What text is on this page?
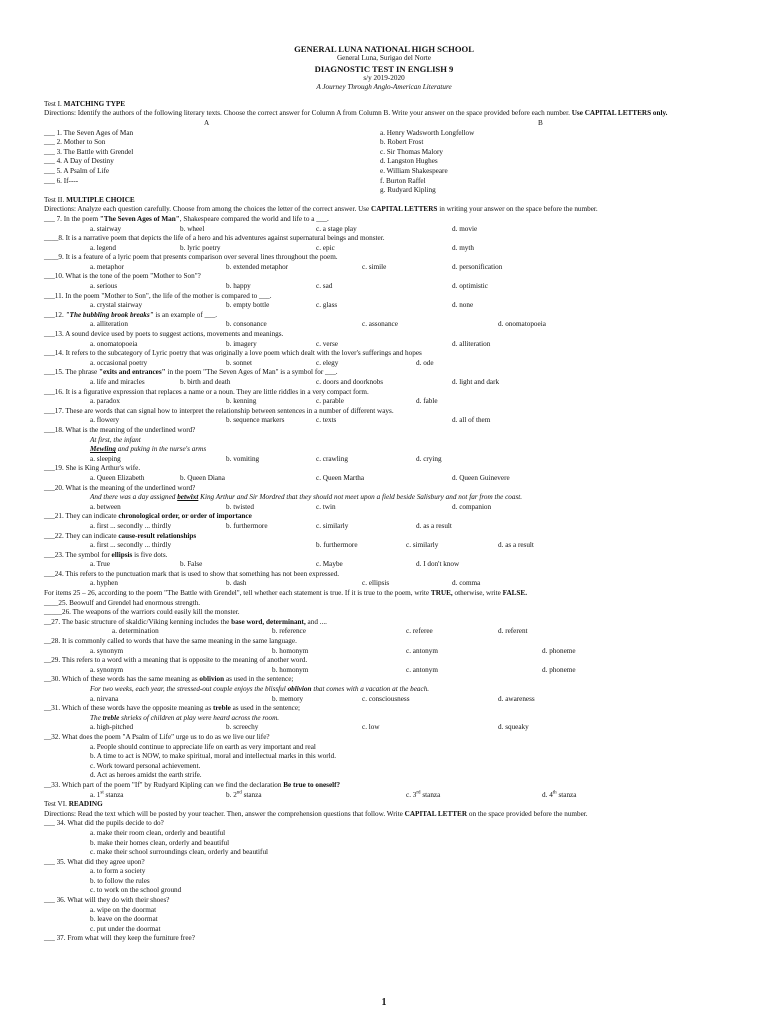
GENERAL LUNA NATIONAL HIGH SCHOOL
General Luna, Surigao del Norte
DIAGNOSTIC TEST IN ENGLISH 9
s/y 2019-2020
A Journey Through Anglo-American Literature
Test I. MATCHING TYPE
Directions: Identify the authors of the following literary texts. Choose the correct answer for Column A from Column B. Write your answer on the space provided before each number. Use CAPITAL LETTERS only.
A	B
___ 1. The Seven Ages of Man
___ 2. Mother to Son
___ 3. The Battle with Grendel
___ 4. A Day of Destiny
___ 5. A Psalm of Life
___ 6. If----
a. Henry Wadsworth Longfellow
b. Robert Frost
c. Sir Thomas Malory
d. Langston Hughes
e. William Shakespeare
f. Burton Raffel
g. Rudyard Kipling
Test II. MULTIPLE CHOICE
Directions: Analyze each question carefully. Choose from among the choices the letter of the correct answer. Use CAPITAL LETTERS in writing your answer on the space before the number.
___ 7. In the poem "The Seven Ages of Man", Shakespeare compared the world and life to a ___.
a. stairway	b. wheel	c. a stage play	d. movie
____8. It is a narrative poem that depicts the life of a hero and his adventures against supernatural beings and monster.
a. legend	b. lyric poetry	c. epic	d. myth
____9. It is a feature of a lyric poem that presents comparison over several lines throughout the poem.
a. metaphor	b. extended metaphor	c. simile	d. personification
___10. What is the tone of the poem "Mother to Son"?
a. serious	b. happy	c. sad	d. optimistic
___11. In the poem "Mother to Son", the life of the mother is compared to ___.
a. crystal stairway	b. empty bottle	c. glass	d. none
___12. "The bubbling brook breaks" is an example of ___.
a. alliteration	b. consonance	c. assonance	d. onomatopoeia
___13. A sound device used by poets to suggest actions, movements and meanings.
a. onomatopoeia	b. imagery	c. verse	d. alliteration
___14. It refers to the subcategory of Lyric poetry that was originally a love poem which dealt with the lover's sufferings and hopes
a. occasional poetry	b. sonnet	c. elegy	d. ode
___15. The phrase "exits and entrances" in the poem "The Seven Ages of Man" is a symbol for ___.
a. life and miracles	b. birth and death	c. doors and doorknobs	d. light and dark
___16. It is a figurative expression that replaces a name or a noun. They are little riddles in a very compact form.
a. paradox	b. kenning	c. parable	d. fable
___17. These are words that can signal how to interpret the relationship between sentences in a number of different ways.
a. flowery	b. sequence markers	c. texts	d. all of them
___18. What is the meaning of the underlined word?
At first, the infant
Mewling and puking in the nurse's arms
a. sleeping	b. vomiting	c. crawling	d. crying
___19. She is King Arthur's wife.
a. Queen Elizabeth	b. Queen Diana	c. Queen Martha	d. Queen Guinevere
___20. What is the meaning of the underlined word?
And there was a day assigned betwixt King Arthur and Sir Mordred that they should not meet upon a field beside Salisbury and not far from the coast.
a. between	b. twisted	c. twin	d. companion
___21. They can indicate chronological order, or order of importance
a. first ... secondly ... thirdly	b. furthermore	c. similarly	d. as a result
___22. They can indicate cause-result relationships
a. first ... secondly ... thirdly	b. furthermore	c. similarly	d. as a result
___23. The symbol for ellipsis is five dots.
a. True	b. False	c. Maybe	d. I don't know
___24. This refers to the punctuation mark that is used to show that something has not been expressed.
a. hyphen	b. dash	c. ellipsis	d. comma
For items 25 – 26, according to the poem "The Battle with Grendel", tell whether each statement is true. If it is true to the poem, write TRUE, otherwise, write FALSE.
____25. Beowulf and Grendel had enormous strength.
_____26. The weapons of the warriors could easily kill the monster.
__27. The basic structure of skaldic/Viking kenning includes the base word, determinant, and ....
a. determination	b. reference	c. referee	d. referent
__28. It is commonly called to words that have the same meaning in the same language.
a. synonym	b. homonym	c. antonym	d. phoneme
__29. This refers to a word with a meaning that is opposite to the meaning of another word.
a. synonym	b. homonym	c. antonym	d. phoneme
__30. Which of these words has the same meaning as oblivion as used in the sentence;
For two weeks, each year, the stressed-out couple enjoys the blissful oblivion that comes with a vacation at the beach.
a. nirvana	b. memory	c. consciousness	d. awareness
__31. Which of these words have the opposite meaning as treble as used in the sentence;
The treble shrieks of children at play were heard across the room.
a. high-pitched	b. screechy	c. low	d. squeaky
__32. What does the poem "A Psalm of Life" urge us to do as we live our life?
a. People should continue to appreciate life on earth as very important and real
b. A time to act is NOW, to make spiritual, moral and intellectual marks in this world.
c. Work toward personal achievement.
d. Act as heroes amidst the earth strife.
__33. Which part of the poem "If" by Rudyard Kipling can we find the declaration Be true to oneself?
a. 1st stanza	b. 2nd stanza	c. 3rd stanza	d. 4th stanza
Test VI. READING
Directions: Read the text which will be posted by your teacher. Then, answer the comprehension questions that follow. Write CAPITAL LETTER on the space provided before the number.
___ 34. What did the pupils decide to do?
a. make their room clean, orderly and beautiful
b. make their homes clean, orderly and beautiful
c. make their school surroundings clean, orderly and beautiful
___ 35. What did they agree upon?
a. to form a society
b. to follow the rules
c. to work on the school ground
___ 36. What will they do with their shoes?
a. wipe on the doormat
b. leave on the doormat
c. put under the doormat
___ 37. From what will they keep the furniture free?
1
